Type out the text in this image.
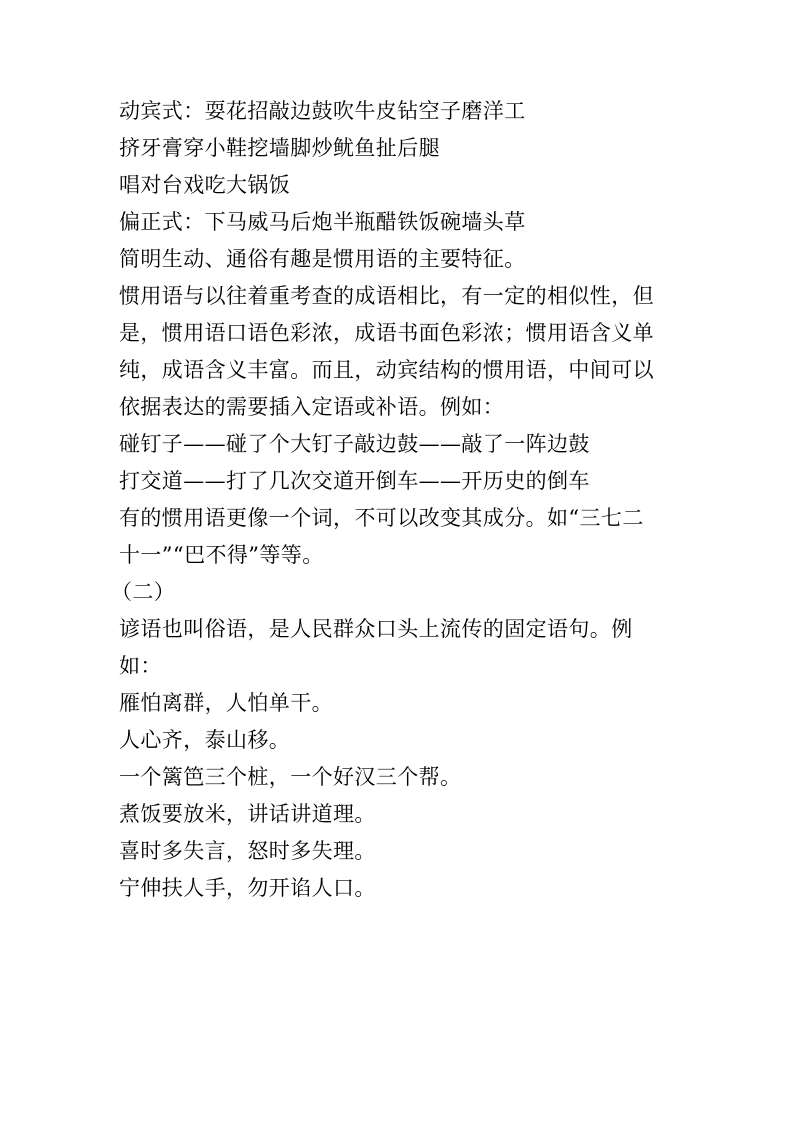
动宾式：耍花招敲边鼓吹牛皮钻空子磨洋工
挤牙膏穿小鞋挖墙脚炒鱿鱼扯后腿
唱对台戏吃大锅饭
偏正式：下马威马后炮半瓶醋铁饭碗墙头草
简明生动、通俗有趣是惯用语的主要特征。
惯用语与以往着重考查的成语相比，有一定的相似性，但
是，惯用语口语色彩浓，成语书面色彩浓；惯用语含义单
纯，成语含义丰富。而且，动宾结构的惯用语，中间可以
依据表达的需要插入定语或补语。例如：
碰钉子——碰了个大钉子敲边鼓——敲了一阵边鼓
打交道——打了几次交道开倒车——开历史的倒车
有的惯用语更像一个词，不可以改变其成分。如“三七二
十一”“巴不得”等等。
（二）
谚语也叫俗语，是人民群众口头上流传的固定语句。例
如：
雁怕离群，人怕单干。
人心齐，泰山移。
一个篱笆三个桩，一个好汉三个帮。
煮饭要放米，讲话讲道理。
喜时多失言，怒时多失理。
宁伸扶人手，勿开谄人口。
